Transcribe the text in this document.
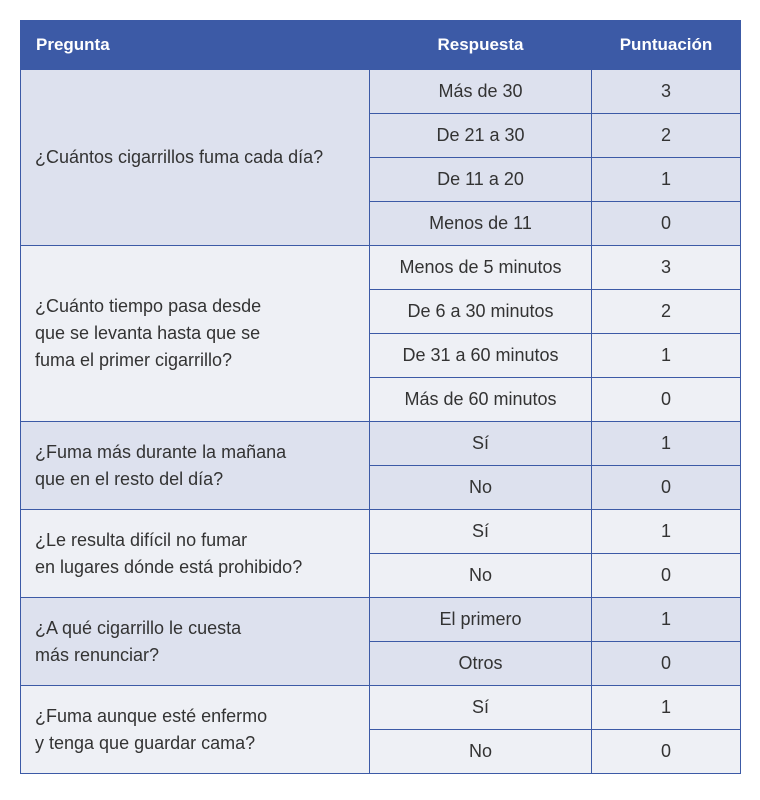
Pregunta	Respuesta	Puntuación

¿Cuántos cigarrillos fuma cada día?	Más de 30	3
	De 21 a 30	2
	De 11 a 20	1
	Menos de 11	0

¿Cuánto tiempo pasa desde
que se levanta hasta que se
fuma el primer cigarrillo?	Menos de 5 minutos	3
	De 6 a 30 minutos	2
	De 31 a 60 minutos	1
	Más de 60 minutos	0

¿Fuma más durante la mañana
que en el resto del día?	Sí	1
	No	0

¿Le resulta difícil no fumar
en lugares dónde está prohibido?	Sí	1
	No	0

¿A qué cigarrillo le cuesta
más renunciar?	El primero	1
	Otros	0

¿Fuma aunque esté enfermo
y tenga que guardar cama?	Sí	1
	No	0
